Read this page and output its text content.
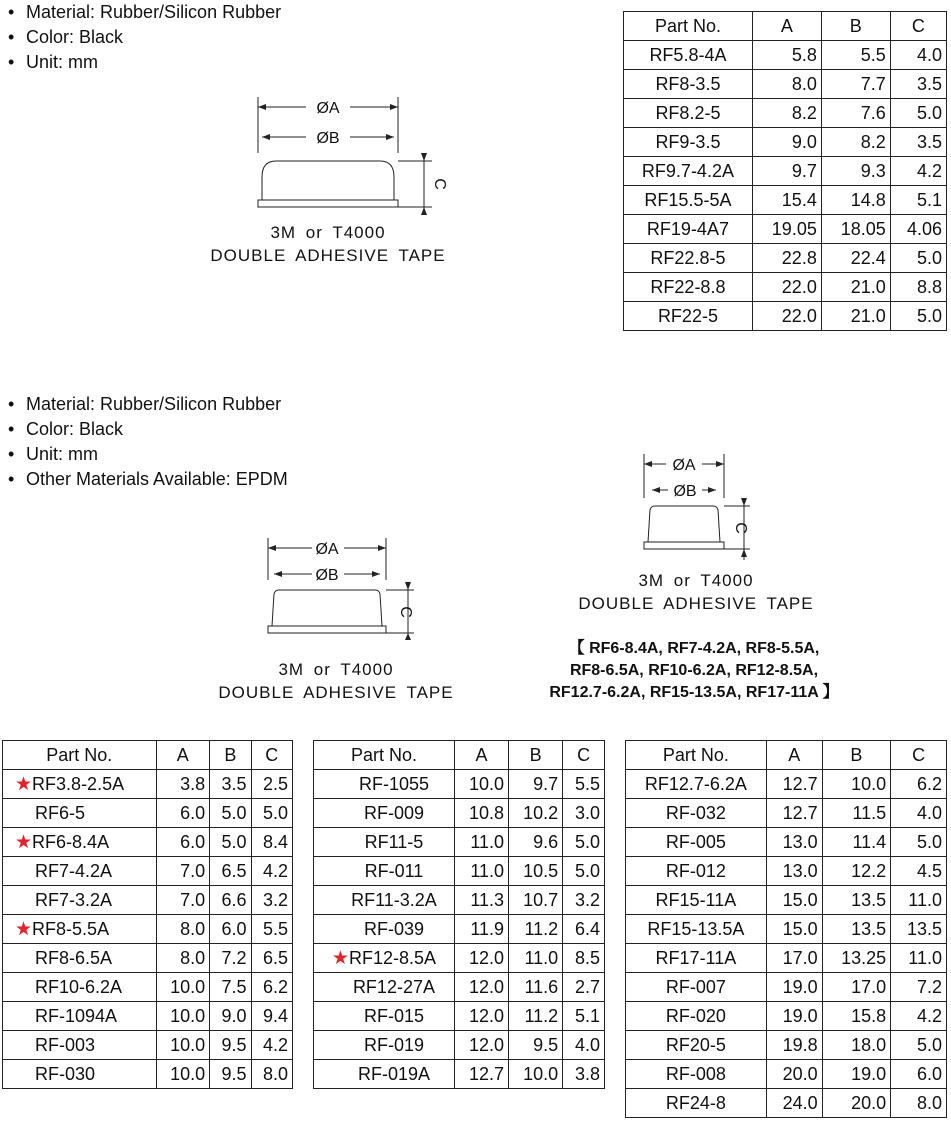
• Material: Rubber/Silicon Rubber
• Color: Black
• Unit: mm
ØA
ØB
C
3M or T4000
DOUBLE ADHESIVE TAPE
Part No.	A	B	C
RF5.8-4A	5.8	5.5	4.0
RF8-3.5	8.0	7.7	3.5
RF8.2-5	8.2	7.6	5.0
RF9-3.5	9.0	8.2	3.5
RF9.7-4.2A	9.7	9.3	4.2
RF15.5-5A	15.4	14.8	5.1
RF19-4A7	19.05	18.05	4.06
RF22.8-5	22.8	22.4	5.0
RF22-8.8	22.0	21.0	8.8
RF22-5	22.0	21.0	5.0
• Material: Rubber/Silicon Rubber
• Color: Black
• Unit: mm
• Other Materials Available: EPDM
ØA
ØB
C
3M or T4000
DOUBLE ADHESIVE TAPE
ØA
ØB
C
3M or T4000
DOUBLE ADHESIVE TAPE
【 RF6-8.4A, RF7-4.2A, RF8-5.5A,
RF8-6.5A, RF10-6.2A, RF12-8.5A,
RF12.7-6.2A, RF15-13.5A, RF17-11A 】
Part No.	A	B	C
★RF3.8-2.5A	3.8	3.5	2.5
RF6-5	6.0	5.0	5.0
★RF6-8.4A	6.0	5.0	8.4
RF7-4.2A	7.0	6.5	4.2
RF7-3.2A	7.0	6.6	3.2
★RF8-5.5A	8.0	6.0	5.5
RF8-6.5A	8.0	7.2	6.5
RF10-6.2A	10.0	7.5	6.2
RF-1094A	10.0	9.0	9.4
RF-003	10.0	9.5	4.2
RF-030	10.0	9.5	8.0
Part No.	A	B	C
RF-1055	10.0	9.7	5.5
RF-009	10.8	10.2	3.0
RF11-5	11.0	9.6	5.0
RF-011	11.0	10.5	5.0
RF11-3.2A	11.3	10.7	3.2
RF-039	11.9	11.2	6.4
★RF12-8.5A	12.0	11.0	8.5
RF12-27A	12.0	11.6	2.7
RF-015	12.0	11.2	5.1
RF-019	12.0	9.5	4.0
RF-019A	12.7	10.0	3.8
Part No.	A	B	C
RF12.7-6.2A	12.7	10.0	6.2
RF-032	12.7	11.5	4.0
RF-005	13.0	11.4	5.0
RF-012	13.0	12.2	4.5
RF15-11A	15.0	13.5	11.0
RF15-13.5A	15.0	13.5	13.5
RF17-11A	17.0	13.25	11.0
RF-007	19.0	17.0	7.2
RF-020	19.0	15.8	4.2
RF20-5	19.8	18.0	5.0
RF-008	20.0	19.0	6.0
RF24-8	24.0	20.0	8.0
